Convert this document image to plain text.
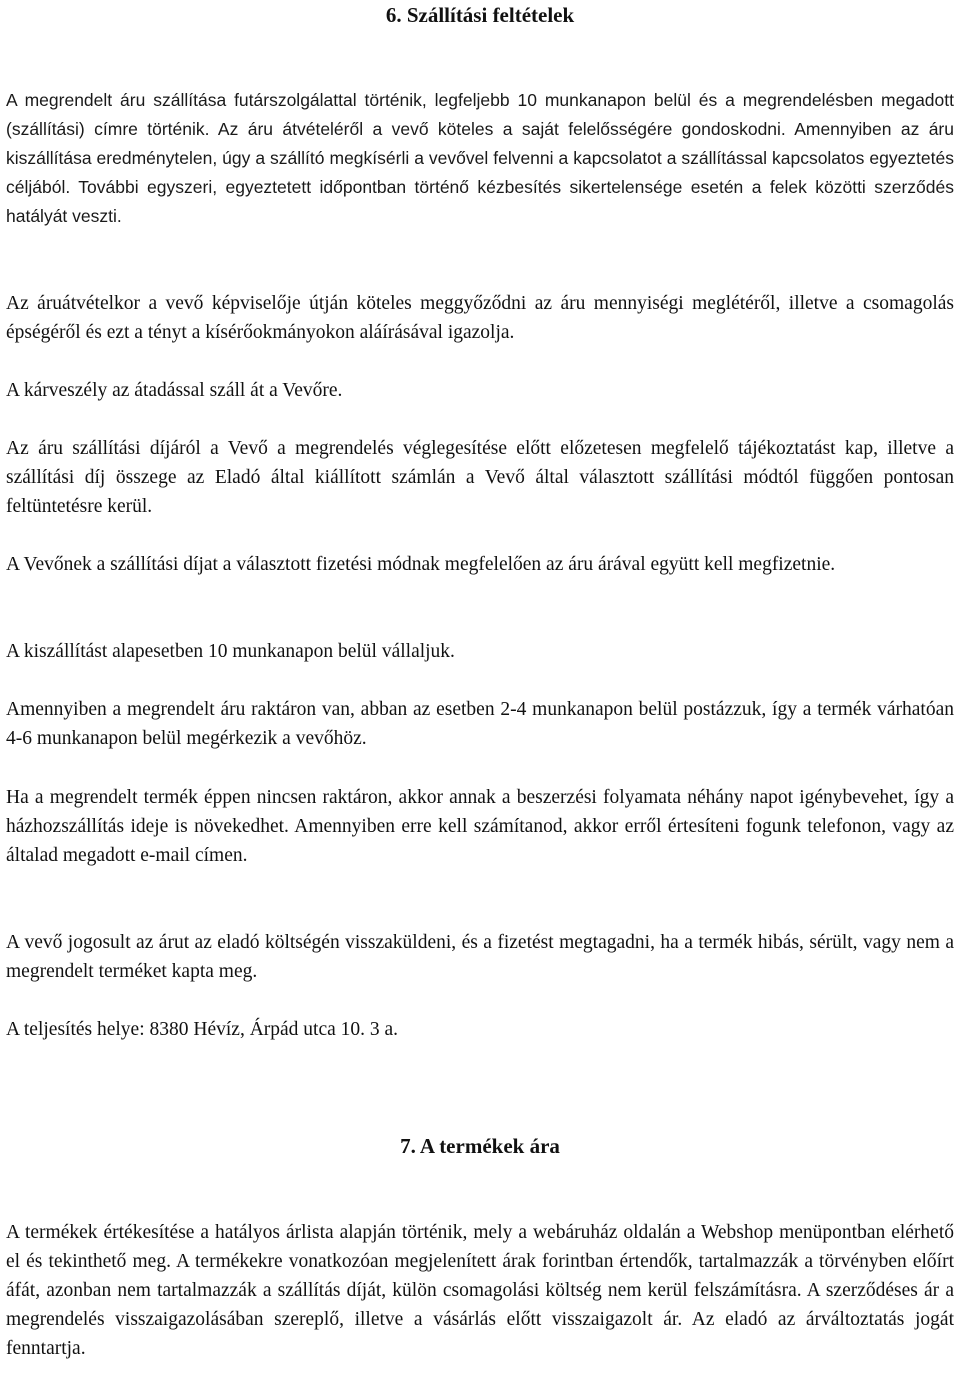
6. Szállítási feltételek

A megrendelt áru szállítása futárszolgálattal történik, legfeljebb 10 munkanapon belül és a megrendelésben megadott (szállítási) címre történik. Az áru átvételéről a vevő köteles a saját felelősségére gondoskodni. Amennyiben az áru kiszállítása eredménytelen, úgy a szállító megkísérli a vevővel felvenni a kapcsolatot a szállítással kapcsolatos egyeztetés céljából. További egyszeri, egyeztetett időpontban történő kézbesítés sikertelensége esetén a felek közötti szerződés hatályát veszti.

Az áruátvételkor a vevő képviselője útján köteles meggyőződni az áru mennyiségi meglétéről, illetve a csomagolás épségéről és ezt a tényt a kísérőokmányokon aláírásával igazolja.

A kárveszély az átadással száll át a Vevőre.

Az áru szállítási díjáról a Vevő a megrendelés véglegesítése előtt előzetesen megfelelő tájékoztatást kap, illetve a szállítási díj összege az Eladó által kiállított számlán a Vevő által választott szállítási módtól függően pontosan feltüntetésre kerül.

A Vevőnek a szállítási díjat a választott fizetési módnak megfelelően az áru árával együtt kell megfizetnie.

A kiszállítást alapesetben 10 munkanapon belül vállaljuk.

Amennyiben a megrendelt áru raktáron van, abban az esetben 2-4 munkanapon belül postázzuk, így a termék várhatóan 4-6 munkanapon belül megérkezik a vevőhöz.

Ha a megrendelt termék éppen nincsen raktáron, akkor annak a beszerzési folyamata néhány napot igénybevehet, így a házhozszállítás ideje is növekedhet. Amennyiben erre kell számítanod, akkor erről értesíteni fogunk telefonon, vagy az általad megadott e-mail címen.

A vevő jogosult az árut az eladó költségén visszaküldeni, és a fizetést megtagadni, ha a termék hibás, sérült, vagy nem a megrendelt terméket kapta meg.

A teljesítés helye: 8380 Hévíz, Árpád utca 10. 3 a.

7. A termékek ára

A termékek értékesítése a hatályos árlista alapján történik, mely a webáruház oldalán a Webshop menüpontban elérhető el és tekinthető meg. A termékekre vonatkozóan megjelenített árak forintban értendők, tartalmazzák a törvényben előírt áfát, azonban nem tartalmazzák a szállítás díját, külön csomagolási költség nem kerül felszámításra. A szerződéses ár a megrendelés visszaigazolásában szereplő, illetve a vásárlás előtt visszaigazolt ár. Az eladó az árváltoztatás jogát fenntartja.
